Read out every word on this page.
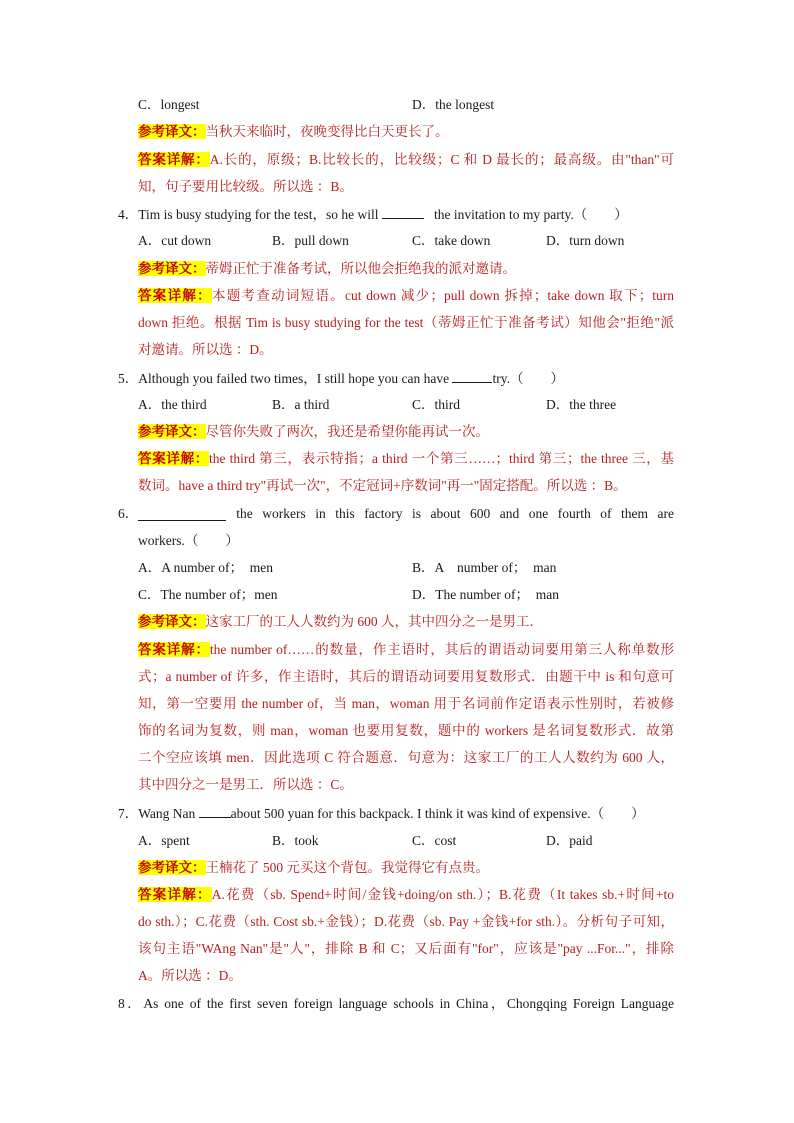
C．longest	D．the longest
参考译文：当秋天来临时，夜晚变得比白天更长了。
答案详解：A.长的，原级；B.比较长的，比较级；C 和 D 最长的；最高级。由"than"可
知，句子要用比较级。所以选 ：B。
4．Tim is busy studying for the test，so he will	the invitation to my party.（　　）
A．cut down	B．pull down	C．take down	D．turn down
参考译文：蒂姆正忙于准备考试，所以他会拒绝我的派对邀请。
答案详解：本题考查动词短语。cut down 减少；pull down 拆掉；take down 取下；turn
down 拒绝。根据 Tim is busy studying for the test（蒂姆正忙于准备考试）知他会"拒绝"派
对邀请。所以选 ：D。
5．Although you failed two times，I still hope you can have	try.（　　）
A．the third	B．a third	C．third	D．the three
参考译文：尽管你失败了两次，我还是希望你能再试一次。
答案详解：the third 第三，表示特指；a third 一个第三……；third 第三；the three 三，基
数词。have a third try"再试一次"，不定冠词+序数词"再一"固定搭配。所以选 ：B。
6．	the workers in this factory is about 600 and one fourth of them are
workers.（　　）
A．A number of；　men	B．A　number of；　man
C．The number of；men	D．The number of；　man
参考译文：这家工厂的工人人数约为 600 人，其中四分之一是男工．
答案详解：the number of……的数量，作主语时，其后的谓语动词要用第三人称单数形
式；a number of 许多，作主语时，其后的谓语动词要用复数形式．由题干中 is 和句意可
知，第一空要用 the number of，当 man，woman 用于名词前作定语表示性别时，若被修
饰的名词为复数，则 man，woman 也要用复数，题中的 workers 是名词复数形式．故第
二个空应该填 men．因此选项 C 符合题意．句意为：这家工厂的工人人数约为 600 人，
其中四分之一是男工．所以选 ：C。
7．Wang Nan	about 500 yuan for this backpack. I think it was kind of expensive.（　　）
A．spent	B．took	C．cost	D．paid
参考译文：王楠花了 500 元买这个背包。我觉得它有点贵。
答案详解：A.花费（sb. Spend+时间/金钱+doing/on sth.）；B.花费（It takes sb.+时间+to
do sth.）；C.花费（sth. Cost sb.+金钱）；D.花费（sb. Pay +金钱+for sth.）。分析句子可知，
该句主语"WAng Nan"是"人"，排除 B 和 C；又后面有"for"，应该是"pay ...For..."，排除
A。所以选 ：D。
8．As one of the first seven foreign language schools in China，Chongqing Foreign Language
